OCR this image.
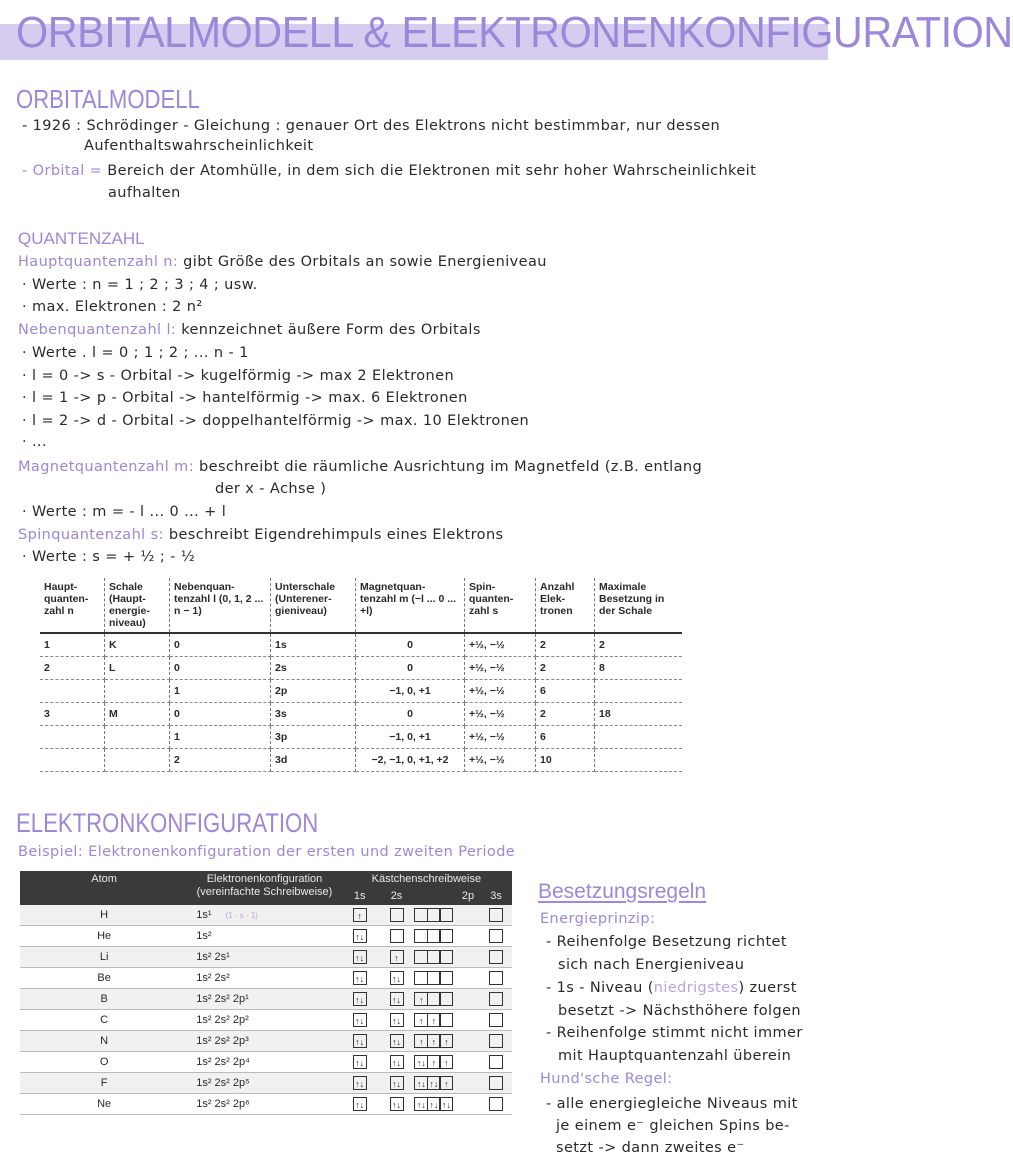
ORBITALMODELL & ELEKTRONENKONFIGURATION
ORBITALMODELL
- 1926 : Schrödinger - Gleichung : genauer Ort des Elektrons nicht bestimmbar, nur dessen
Aufenthaltswahrscheinlichkeit
- Orbital = Bereich der Atomhülle, in dem sich die Elektronen mit sehr hoher Wahrscheinlichkeit
aufhalten
QUANTENZAHL
Hauptquantenzahl n: gibt Größe des Orbitals an sowie Energieniveau
· Werte : n = 1 ; 2 ; 3 ; 4 ; usw.
· max. Elektronen : 2 n²
Nebenquantenzahl l: kennzeichnet äußere Form des Orbitals
· Werte . l = 0 ; 1 ; 2 ; ... n - 1
· l = 0 -> s - Orbital -> kugelförmig -> max 2 Elektronen
· l = 1 -> p - Orbital -> hantelförmig -> max. 6 Elektronen
· l = 2 -> d - Orbital -> doppelhantelförmig -> max. 10 Elektronen
· ...
Magnetquantenzahl m: beschreibt die räumliche Ausrichtung im Magnetfeld (z.B. entlang
der x - Achse )
· Werte : m = - l ... 0 ... + l
Spinquantenzahl s: beschreibt Eigendrehimpuls eines Elektrons
· Werte : s = + ½ ; - ½
Haupt-quanten-zahl n	Schale (Haupt-energie-niveau)	Nebenquan-tenzahl l (0, 1, 2 ... n − 1)	Unterschale (Unterener-gieniveau)	Magnetquan-tenzahl m (−l ... 0 ... +l)	Spin-quanten-zahl s	Anzahl Elek-tronen	Maximale Besetzung in der Schale
1	K	0	1s	0	+½, −½	2	2
2	L	0	2s	0	+½, −½	2	8
		1	2p	−1, 0, +1	+½, −½	6	
3	M	0	3s	0	+½, −½	2	18
		1	3p	−1, 0, +1	+½, −½	6	
		2	3d	−2, −1, 0, +1, +2	+½, −½	10	
ELEKTRONKONFIGURATION
Beispiel: Elektronenkonfiguration der ersten und zweiten Periode
Atom	Elektronenkonfiguration (vereinfachte Schreibweise)	Kästchenschreibweise			
		1s	2s	2p	3s
H	1s¹ (1 - s - 1)	↑			
He	1s²	↑↓			
Li	1s² 2s¹	↑↓	↑		
Be	1s² 2s²	↑↓	↑↓		
B	1s² 2s² 2p¹	↑↓	↑↓	↑	
C	1s² 2s² 2p²	↑↓	↑↓	↑ ↑	
N	1s² 2s² 2p³	↑↓	↑↓	↑ ↑ ↑	
O	1s² 2s² 2p⁴	↑↓	↑↓	↑↓ ↑ ↑	
F	1s² 2s² 2p⁵	↑↓	↑↓	↑↓ ↑↓ ↑	
Ne	1s² 2s² 2p⁶	↑↓	↑↓	↑↓ ↑↓ ↑↓	
Besetzungsregeln
Energieprinzip:
- Reihenfolge Besetzung richtet
sich nach Energieniveau
- 1s - Niveau (niedrigstes) zuerst
besetzt -> Nächsthöhere folgen
- Reihenfolge stimmt nicht immer
mit Hauptquantenzahl überein
Hund'sche Regel:
- alle energiegleiche Niveaus mit
je einem e⁻ gleichen Spins be-
setzt -> dann zweites e⁻
